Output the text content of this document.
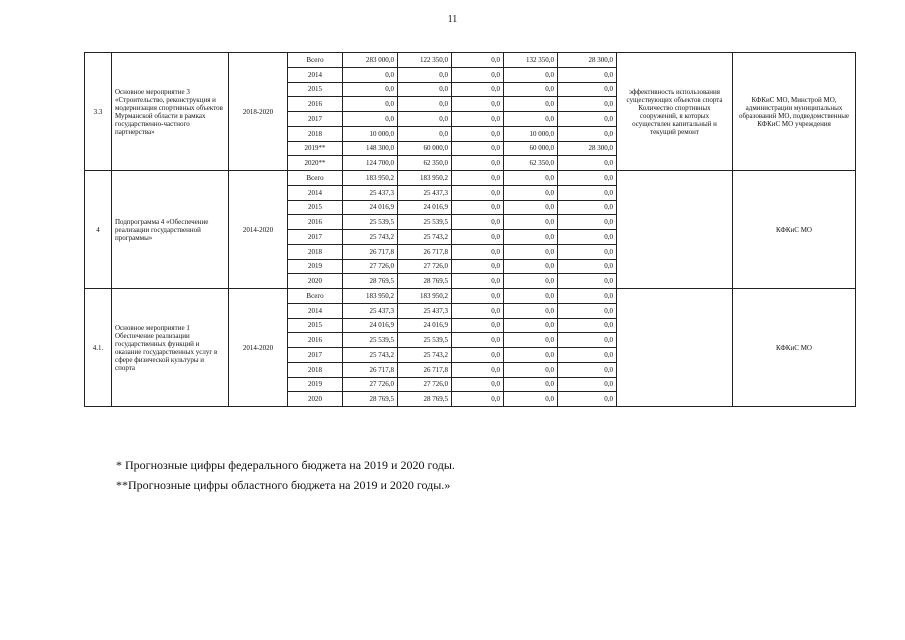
11
3.3	Основное мероприятие 3 «Строительство, реконструкция и модернизация спортивных объектов Мурманской области в рамках государственно-частного партнерства»	2018-2020	Всего	283 000,0	122 350,0	0,0	132 350,0	28 300,0	эффективность использования существующих объектов спорта Количество спортивных сооружений, в которых осуществлен капитальный и текущий ремонт	КФКиС МО, Минстрой МО, администрации муниципальных образований МО, подведомственные КФКиС МО учреждения
			2014	0,0	0,0	0,0	0,0	0,0		
			2015	0,0	0,0	0,0	0,0	0,0		
			2016	0,0	0,0	0,0	0,0	0,0		
			2017	0,0	0,0	0,0	0,0	0,0		
			2018	10 000,0	0,0	0,0	10 000,0	0,0		
			2019**	148 300,0	60 000,0	0,0	60 000,0	28 300,0		
			2020**	124 700,0	62 350,0	0,0	62 350,0	0,0		
4	Подпрограмма 4 «Обеспечение реализации государственной программы»	2014-2020	Всего	183 950,2	183 950,2	0,0	0,0	0,0		КФКиС МО
			2014	25 437,3	25 437,3	0,0	0,0	0,0		
			2015	24 016,9	24 016,9	0,0	0,0	0,0		
			2016	25 539,5	25 539,5	0,0	0,0	0,0		
			2017	25 743,2	25 743,2	0,0	0,0	0,0		
			2018	26 717,8	26 717,8	0,0	0,0	0,0		
			2019	27 726,0	27 726,0	0,0	0,0	0,0		
			2020	28 769,5	28 769,5	0,0	0,0	0,0		
4.1.	Основное мероприятие 1 Обеспечение реализации государственных функций и оказание государственных услуг в сфере физической культуры и спорта	2014-2020	Всего	183 950,2	183 950,2	0,0	0,0	0,0		КФКиС МО
			2014	25 437,3	25 437,3	0,0	0,0	0,0		
			2015	24 016,9	24 016,9	0,0	0,0	0,0		
			2016	25 539,5	25 539,5	0,0	0,0	0,0		
			2017	25 743,2	25 743,2	0,0	0,0	0,0		
			2018	26 717,8	26 717,8	0,0	0,0	0,0		
			2019	27 726,0	27 726,0	0,0	0,0	0,0		
			2020	28 769,5	28 769,5	0,0	0,0	0,0		
* Прогнозные цифры федерального бюджета на 2019 и 2020 годы.
**Прогнозные цифры областного бюджета на 2019 и 2020 годы.»
